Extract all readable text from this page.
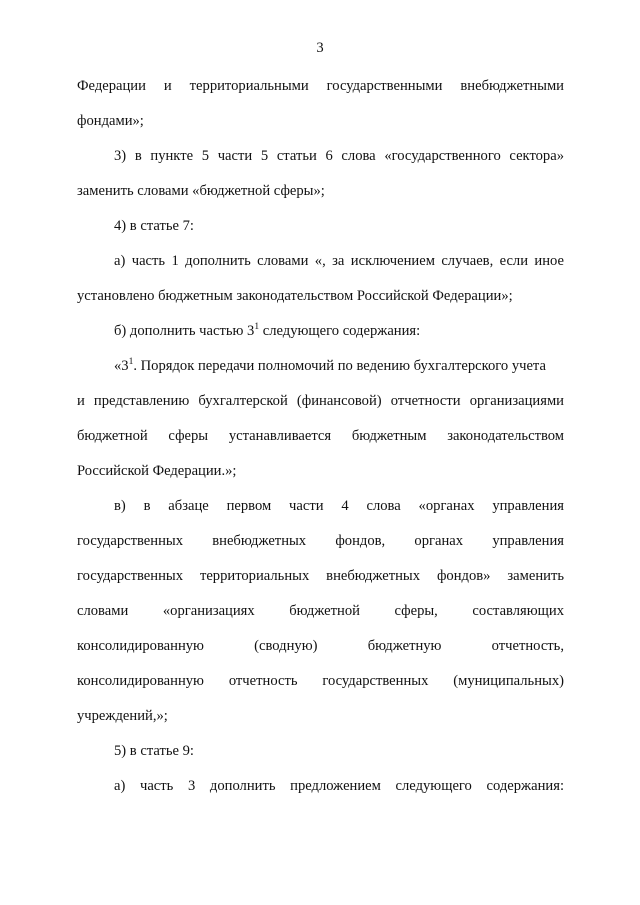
3
Федерации и территориальными государственными внебюджетными
фондами»;
3) в пункте 5 части 5 статьи 6 слова «государственного сектора»
заменить словами «бюджетной сферы»;
4) в статье 7:
а) часть 1 дополнить словами «, за исключением случаев, если иное
установлено бюджетным законодательством Российской Федерации»;
б) дополнить частью $3^1$ следующего содержания:
«$3^1$. Порядок передачи полномочий по ведению бухгалтерского учета
и представлению бухгалтерской (финансовой) отчетности организациями
бюджетной сферы устанавливается бюджетным законодательством
Российской Федерации.»;
в) в абзаце первом части 4 слова «органах управления
государственных внебюджетных фондов, органах управления
государственных территориальных внебюджетных фондов» заменить
словами «организациях бюджетной сферы, составляющих
консолидированную (сводную) бюджетную отчетность,
консолидированную отчетность государственных (муниципальных)
учреждений,»;
5) в статье 9:
а) часть 3 дополнить предложением следующего содержания:
